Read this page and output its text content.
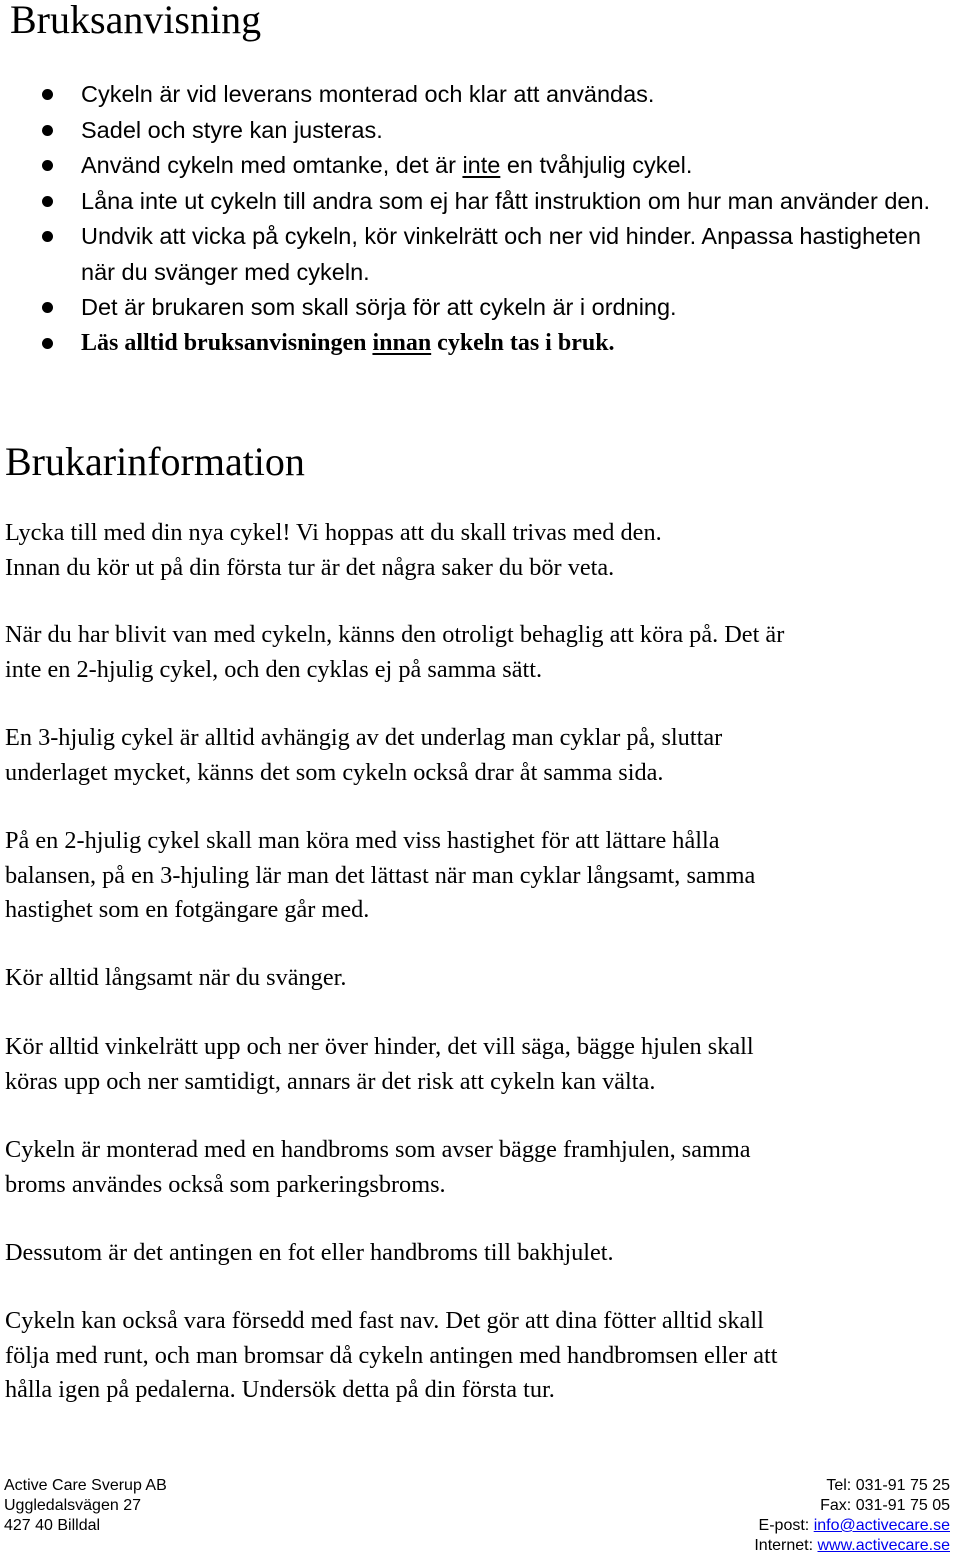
Bruksanvisning
Cykeln är vid leverans monterad och klar att användas.
Sadel och styre kan justeras.
Använd cykeln med omtanke, det är inte en tvåhjulig cykel.
Låna inte ut cykeln till andra som ej har fått instruktion om hur man använder den.
Undvik att vicka på cykeln, kör vinkelrätt och ner vid hinder. Anpassa hastigheten när du svänger med cykeln.
Det är brukaren som skall sörja för att cykeln är i ordning.
Läs alltid bruksanvisningen innan cykeln tas i bruk.
Brukarinformation

Lycka till med din nya cykel! Vi hoppas att du skall trivas med den.
Innan du kör ut på din första tur är det några saker du bör veta.

När du har blivit van med cykeln, känns den otroligt behaglig att köra på. Det är
inte en 2-hjulig cykel, och den cyklas ej på samma sätt.

En 3-hjulig cykel är alltid avhängig av det underlag man cyklar på, sluttar
underlaget mycket, känns det som cykeln också drar åt samma sida.

På en 2-hjulig cykel skall man köra med viss hastighet för att lättare hålla
balansen, på en 3-hjuling lär man det lättast när man cyklar långsamt, samma
hastighet som en fotgängare går med.

Kör alltid långsamt när du svänger.

Kör alltid vinkelrätt upp och ner över hinder, det vill säga, bägge hjulen skall
köras upp och ner samtidigt, annars är det risk att cykeln kan välta.

Cykeln är monterad med en handbroms som avser bägge framhjulen, samma
broms användes också som parkeringsbroms.

Dessutom är det antingen en fot eller handbroms till bakhjulet.

Cykeln kan också vara försedd med fast nav. Det gör att dina fötter alltid skall
följa med runt, och man bromsar då cykeln antingen med handbromsen eller att
hålla igen på pedalerna. Undersök detta på din första tur.

Active Care Sverup AB
Uggledalsvägen 27
427 40 Billdal
Tel: 031-91 75 25
Fax: 031-91 75 05
E-post: info@activecare.se
Internet: www.activecare.se
